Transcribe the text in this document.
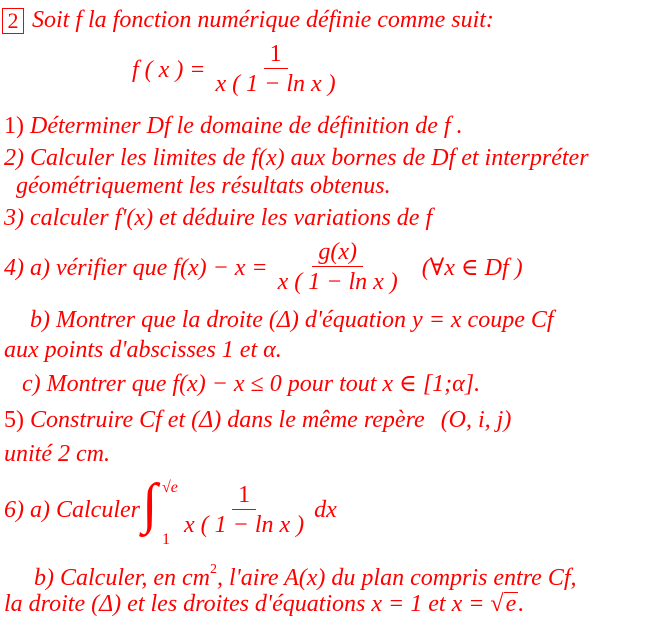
2 Soit f la fonction numérique définie comme suit:
f ( x ) = $\frac{1}{\text{x ( 1 − ln x )}}$
1) Déterminer Df le domaine de définition de f .
2) Calculer les limites de f(x) aux bornes de Df et interpréter
géométriquement les résultats obtenus.
3) calculer f'(x) et déduire les variations de f
4) a) vérifier que $f(x) - x = \frac{g(x)}{\text{x ( 1 − ln x )}}$ (∀x ∈ Df )
b) Montrer que la droite (Δ) d'équation y = x coupe Cf
aux points d'abscisses 1 et α.
c) Montrer que f(x) − x ≤ 0 pour tout x ∈ [1;α].
5) Construire Cf et (Δ) dans le même repère (O, i, j)
unité 2 cm.
6) a) Calculer ∫ √e
$1 \frac{1}{\text{x ( 1 − ln x )}}$ dx
b) Calculer, en $cm^2$, l'aire A(x) du plan compris entre Cf,
la droite (Δ) et les droites d'équations x = 1 et x = √e.
